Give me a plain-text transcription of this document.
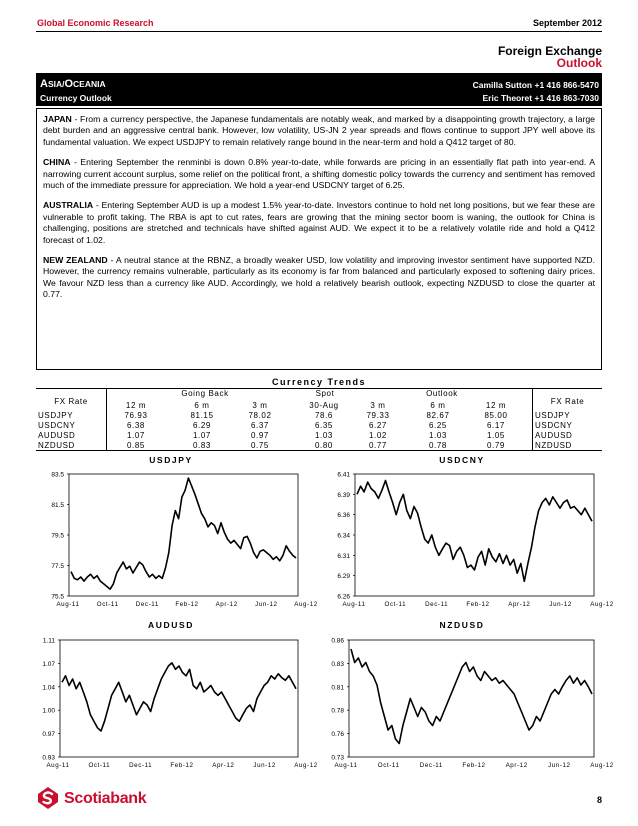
Global Economic Research	September 2012
Foreign Exchange
Outlook
ASIA/OCEANIA
Currency Outlook
Camilla Sutton +1 416 866-5470
Eric Theoret +1 416 863-7030

JAPAN - From a currency perspective, the Japanese fundamentals are notably weak, and marked by a disappointing growth trajectory, a large debt burden and an aggressive central bank. However, low volatility, US-JN 2 year spreads and flows continue to support JPY well above its fundamental valuation. We expect USDJPY to remain relatively range bound in the near-term and hold a Q412 target of 80.

CHINA - Entering September the renminbi is down 0.8% year-to-date, while forwards are pricing in an essentially flat path into year-end. A narrowing current account surplus, some relief on the political front, a shifting domestic policy towards the currency and sentiment has removed much of the immediate pressure for appreciation. We hold a year-end USDCNY target of 6.25.

AUSTRALIA - Entering September AUD is up a modest 1.5% year-to-date. Investors continue to hold net long positions, but we fear these are vulnerable to profit taking. The RBA is apt to cut rates, fears are growing that the mining sector boom is waning, the outlook for China is challenging, positions are stretched and technicals have shifted against AUD. We expect it to be a relatively volatile ride and hold a Q412 forecast of 1.02.

NEW ZEALAND - A neutral stance at the RBNZ, a broadly weaker USD, low volatility and improving investor sentiment have supported NZD. However, the currency remains vulnerable, particularly as its economy is far from balanced and particularly exposed to softening dairy prices. We favour NZD less than a currency like AUD. Accordingly, we hold a relatively bearish outlook, expecting NZDUSD to close the quarter at 0.77.

Currency Trends
FX Rate	FX Rate
Going Back	Spot	Outlook
12 m	6 m	3 m	30-Aug	3 m	6 m	12 m
USDJPY	76.93	81.15	78.02	78.6	79.33	82.67	85.00	USDJPY
USDCNY	6.38	6.29	6.37	6.35	6.27	6.25	6.17	USDCNY
AUDUSD	1.07	1.07	0.97	1.03	1.02	1.03	1.05	AUDUSD
NZDUSD	0.85	0.83	0.75	0.80	0.77	0.78	0.79	NZDUSD
USDJPY	USDCNY
AUDUSD	NZDUSD
75.5
77.5
79.5
81.5
83.5
Aug-11	Oct-11	Dec-11	Feb-12	Apr-12	Jun-12	Aug-12
6.26
6.29
6.31
6.34
6.36
6.39
6.41
Aug-11	Oct-11	Dec-11	Feb-12	Apr-12	Jun-12	Aug-12
0.93
0.97
1.00
1.04
1.07
1.11
Aug-11	Oct-11	Dec-11	Feb-12	Apr-12	Jun-12	Aug-12
0.73
0.76
0.78
0.81
0.83
0.86
Aug-11	Oct-11	Dec-11	Feb-12	Apr-12	Jun-12	Aug-12
Scotiabank	8
